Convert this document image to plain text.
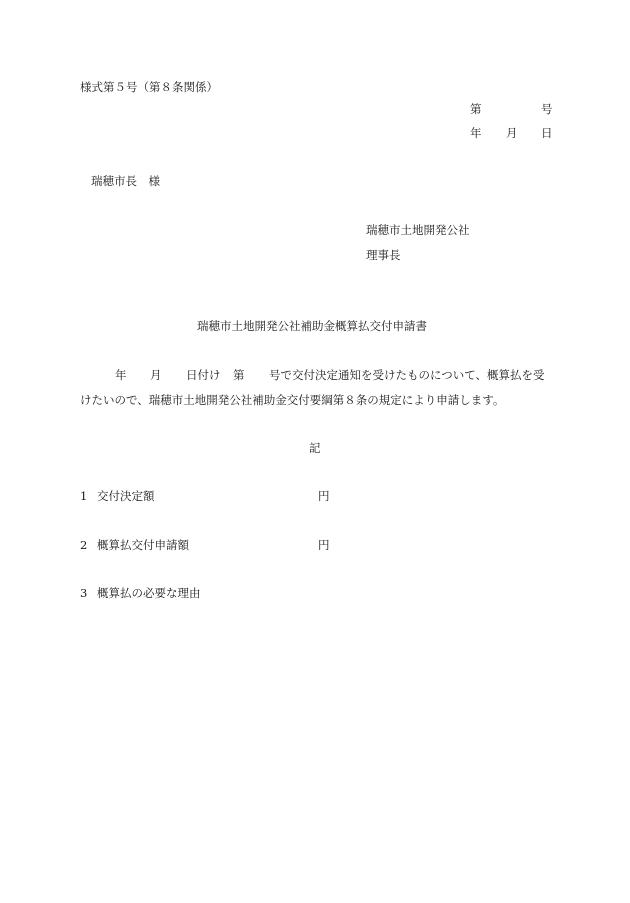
様式第５号（第８条関係）
第	号
年 月 日
瑞穂市長　様
瑞穂市土地開発公社
理事長
瑞穂市土地開発公社補助金概算払交付申請書
年 月 日付け 第 号で交付決定通知を受けたものについて、概算払を受
けたいので、瑞穂市土地開発公社補助金交付要綱第８条の規定により申請します。
記
1 交付決定額	円
2 概算払交付申請額	円
3 概算払の必要な理由
